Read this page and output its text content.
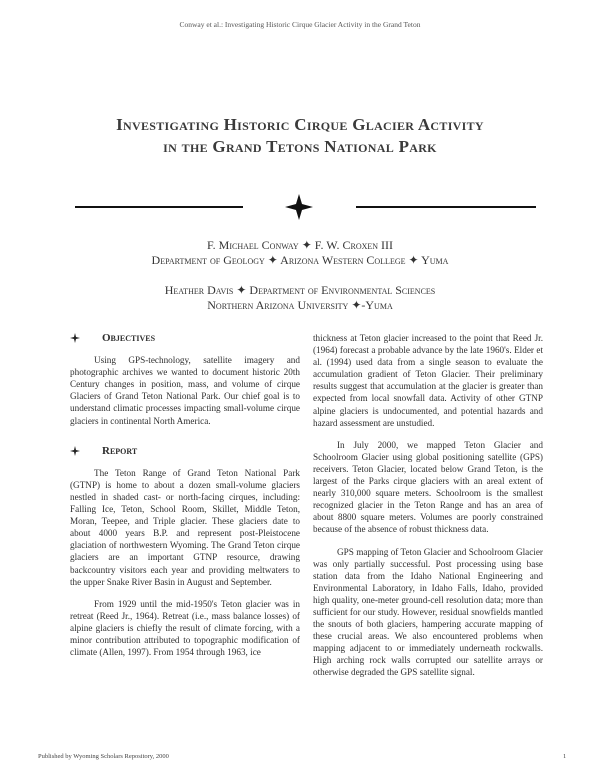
Conway et al.: Investigating Historic Cirque Glacier Activity in the Grand Teton
Investigating Historic Cirque Glacier Activity
in the Grand Tetons National Park
F. Michael Conway ✦ F. W. Croxen III
Department of Geology ✦ Arizona Western College ✦ Yuma
Heather Davis ✦ Department of Environmental Sciences
Northern Arizona University ✦-Yuma
Objectives

Using GPS-technology, satellite imagery and photographic archives we wanted to document historic 20th Century changes in position, mass, and volume of cirque Glaciers of Grand Teton National Park. Our chief goal is to understand climatic processes impacting small-volume cirque glaciers in continental North America.

Report

The Teton Range of Grand Teton National Park (GTNP) is home to about a dozen small-volume glaciers nestled in shaded cast- or north-facing cirques, including: Falling Ice, Teton, School Room, Skillet, Middle Teton, Moran, Teepee, and Triple glacier. These glaciers date to about 4000 years B.P. and represent post-Pleistocene glaciation of northwestern Wyoming. The Grand Teton cirque glaciers are an important GTNP resource, drawing backcountry visitors each year and providing meltwaters to the upper Snake River Basin in August and September.

From 1929 until the mid-1950's Teton glacier was in retreat (Reed Jr., 1964). Retreat (i.e., mass balance losses) of alpine glaciers is chiefly the result of climate forcing, with a minor contribution attributed to topographic modification of climate (Allen, 1997). From 1954 through 1963, ice

thickness at Teton glacier increased to the point that Reed Jr. (1964) forecast a probable advance by the late 1960's. Elder et al. (1994) used data from a single season to evaluate the accumulation gradient of Teton Glacier. Their preliminary results suggest that accumulation at the glacier is greater than expected from local snowfall data. Activity of other GTNP alpine glaciers is undocumented, and potential hazards and hazard assessment are unstudied.

In July 2000, we mapped Teton Glacier and Schoolroom Glacier using global positioning satellite (GPS) receivers. Teton Glacier, located below Grand Teton, is the largest of the Parks cirque glaciers with an areal extent of nearly 310,000 square meters. Schoolroom is the smallest recognized glacier in the Teton Range and has an area of about 8800 square meters. Volumes are poorly constrained because of the absence of robust thickness data.

GPS mapping of Teton Glacier and Schoolroom Glacier was only partially successful. Post processing using base station data from the Idaho National Engineering and Environmental Laboratory, in Idaho Falls, Idaho, provided high quality, one-meter ground-cell resolution data; more than sufficient for our study. However, residual snowfields mantled the snouts of both glaciers, hampering accurate mapping of these crucial areas. We also encountered problems when mapping adjacent to or immediately underneath rockwalls. High arching rock walls corrupted our satellite arrays or otherwise degraded the GPS satellite signal.

Published by Wyoming Scholars Repository, 2000	1
